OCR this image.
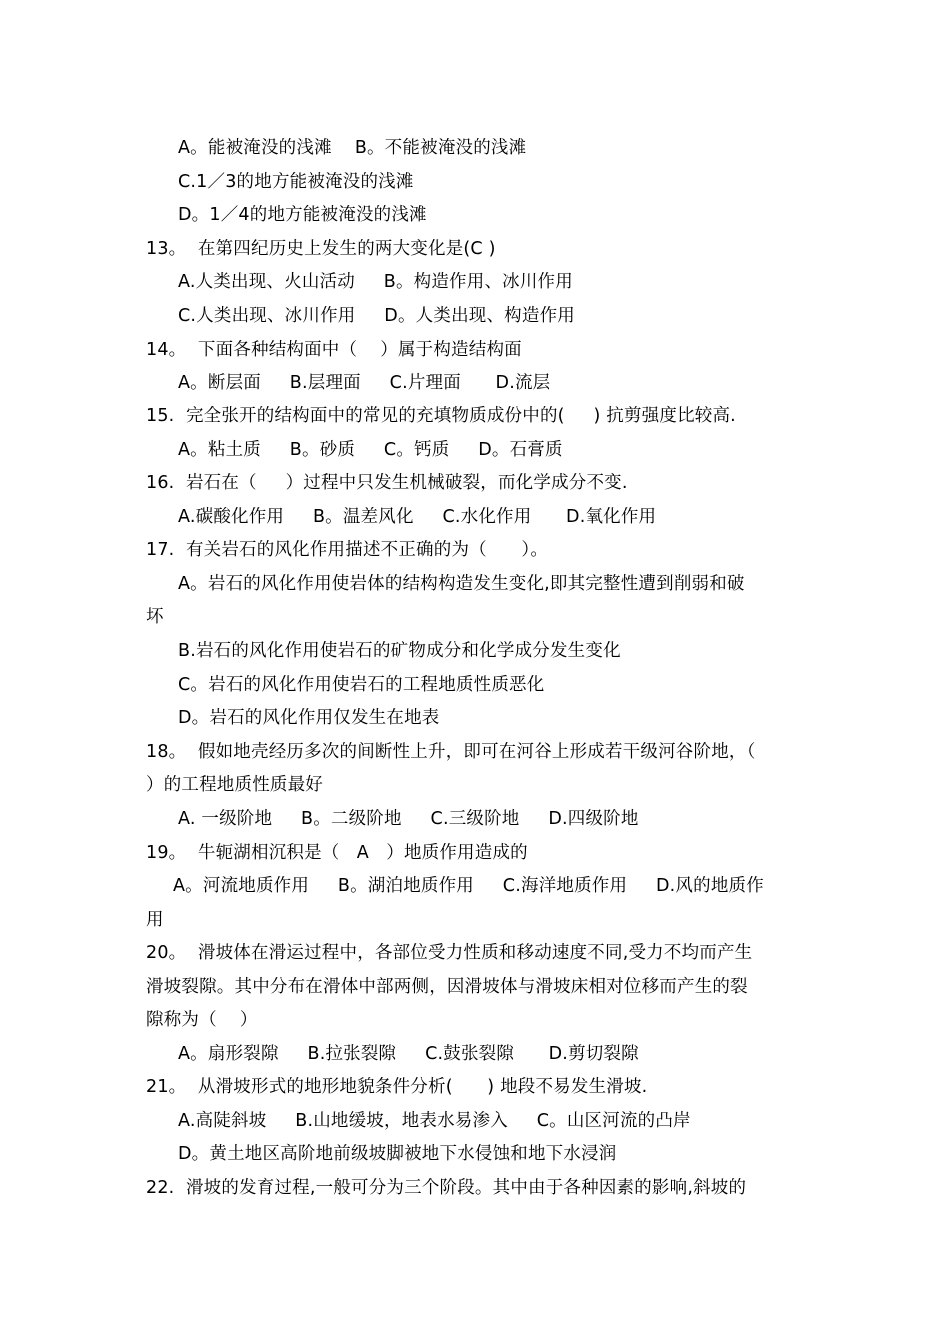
A。能被淹没的浅滩    B。不能被淹没的浅滩
C.1／3的地方能被淹没的浅滩
D。1／4的地方能被淹没的浅滩
13。  在第四纪历史上发生的两大变化是(C )
A.人类出现、火山活动     B。构造作用、冰川作用
C.人类出现、冰川作用     D。人类出现、构造作用
14。  下面各种结构面中（    ）属于构造结构面
A。断层面     B.层理面     C.片理面      D.流层
15.  完全张开的结构面中的常见的充填物质成份中的(     ) 抗剪强度比较高.
A。粘土质     B。砂质     C。钙质     D。石膏质
16.  岩石在（     ）过程中只发生机械破裂，而化学成分不变.
A.碳酸化作用     B。温差风化     C.水化作用      D.氧化作用
17.  有关岩石的风化作用描述不正确的为（      ）。
A。岩石的风化作用使岩体的结构构造发生变化,即其完整性遭到削弱和破
坏
B.岩石的风化作用使岩石的矿物成分和化学成分发生变化
C。岩石的风化作用使岩石的工程地质性质恶化
D。岩石的风化作用仅发生在地表
18。  假如地壳经历多次的间断性上升，即可在河谷上形成若干级河谷阶地，（
）的工程地质性质最好
A. 一级阶地     B。二级阶地     C.三级阶地     D.四级阶地
19。  牛轭湖相沉积是（   A   ）地质作用造成的
A。河流地质作用     B。湖泊地质作用     C.海洋地质作用     D.风的地质作
用
20。  滑坡体在滑运过程中，各部位受力性质和移动速度不同,受力不均而产生
滑坡裂隙。其中分布在滑体中部两侧，因滑坡体与滑坡床相对位移而产生的裂
隙称为（    ）
A。扇形裂隙     B.拉张裂隙     C.鼓张裂隙      D.剪切裂隙
21。  从滑坡形式的地形地貌条件分析(      ) 地段不易发生滑坡.
A.高陡斜坡     B.山地缓坡，地表水易渗入     C。山区河流的凸岸
D。黄土地区高阶地前级坡脚被地下水侵蚀和地下水浸润
22.  滑坡的发育过程,一般可分为三个阶段。其中由于各种因素的影响,斜坡的
